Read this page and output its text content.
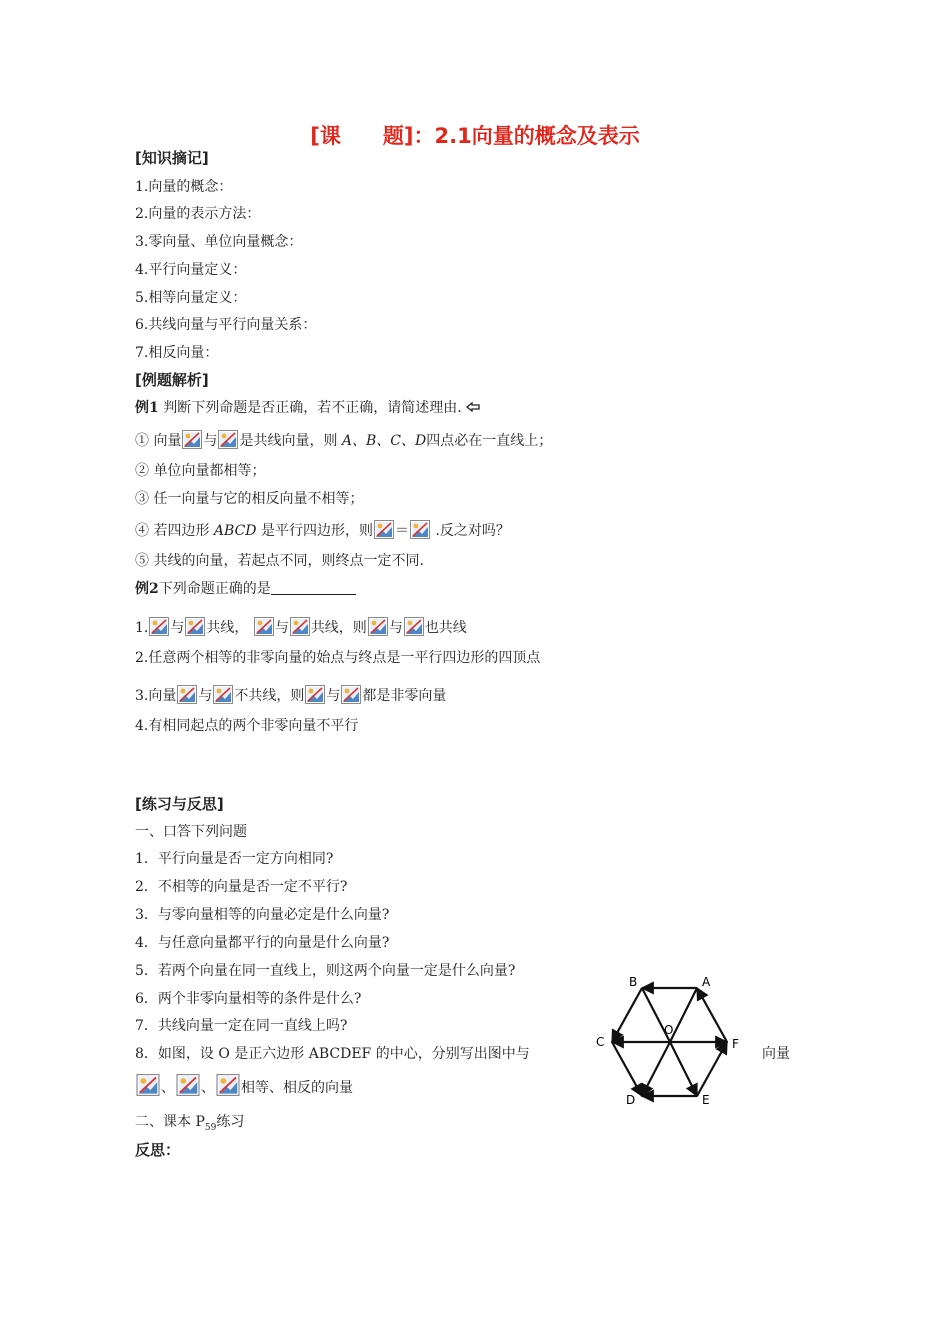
[课　　题]：2.1向量的概念及表示
[知识摘记]
1.向量的概念：
2.向量的表示方法：
3.零向量、单位向量概念：
4.平行向量定义：
5.相等向量定义：
6.共线向量与平行向量关系：
7.相反向量：
[例题解析]
例1 判断下列命题是否正确，若不正确，请简述理由.
① 向量 与 是共线向量，则 A、B、C、D四点必在一直线上；
② 单位向量都相等；
③ 任一向量与它的相反向量不相等；
④ 若四边形 ABCD 是平行四边形，则 ＝ .反之对吗？
⑤ 共线的向量，若起点不同，则终点一定不同.
例2下列命题正确的是
1. 与 共线， 与 共线，则 与 也共线
2.任意两个相等的非零向量的始点与终点是一平行四边形的四顶点
3.向量 与 不共线，则 与 都是非零向量
4.有相同起点的两个非零向量不平行
[练习与反思]
一、口答下列问题
1．平行向量是否一定方向相同?
2．不相等的向量是否一定不平行?
3．与零向量相等的向量必定是什么向量?
4．与任意向量都平行的向量是什么向量?
5．若两个向量在同一直线上，则这两个向量一定是什么向量?
6．两个非零向量相等的条件是什么?
7．共线向量一定在同一直线上吗?
8．如图，设 O 是正六边形 ABCDEF 的中心，分别写出图中与	向量
、 、 相等、相反的向量
二、课本 $P_{59}$练习
反思：
A
B
C
D	E
F
O
